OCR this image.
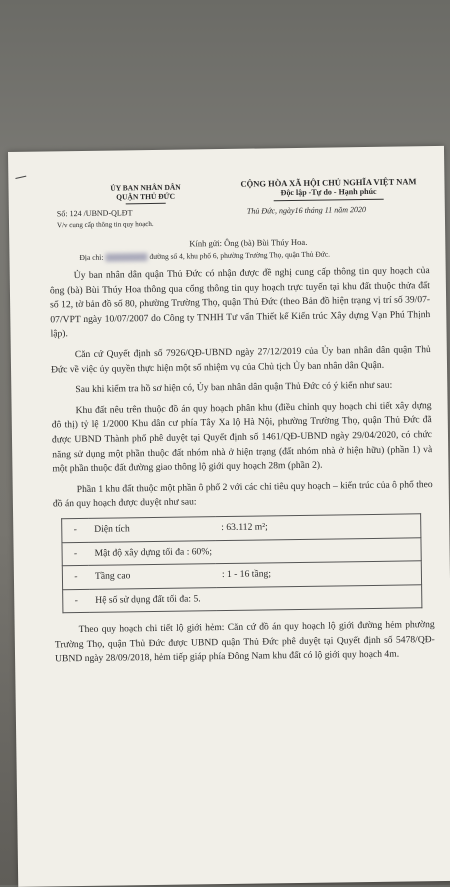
ỦY BAN NHÂN DÂN
QUẬN THỦ ĐỨC
CỘNG HÒA XÃ HỘI CHỦ NGHĨA VIỆT NAM
Độc lập -Tự do - Hạnh phúc
Số: 124 /UBND-QLĐT
V/v cung cấp thông tin quy hoạch.
Thủ Đức, ngày16 tháng 11 năm 2020
Kính gửi: Ông (bà) Bùi Thúy Hoa.
Địa chỉ:	đường số 4, khu phố 6, phường Trường Thọ, quận Thủ Đức.

Ủy ban nhân dân quận Thủ Đức có nhận được đề nghị cung cấp thông tin quy hoạch của ông (bà) Bùi Thúy Hoa thông qua cổng thông tin quy hoạch trực tuyến tại khu đất thuộc thửa đất số 12, tờ bản đồ số 80, phường Trường Thọ, quận Thủ Đức (theo Bản đồ hiện trạng vị trí số 39/07-07/VPT ngày 10/07/2007 do Công ty TNHH Tư vấn Thiết kế Kiến trúc Xây dựng Vạn Phú Thịnh lập).

Căn cứ Quyết định số 7926/QĐ-UBND ngày 27/12/2019 của Ủy ban nhân dân quận Thủ Đức về việc ủy quyền thực hiện một số nhiệm vụ của Chủ tịch Ủy ban nhân dân Quận.

Sau khi kiểm tra hồ sơ hiện có, Ủy ban nhân dân quận Thủ Đức có ý kiến như sau:

Khu đất nêu trên thuộc đồ án quy hoạch phân khu (điều chỉnh quy hoạch chi tiết xây dựng đô thị) tỷ lệ 1/2000 Khu dân cư phía Tây Xa lộ Hà Nội, phường Trường Thọ, quận Thủ Đức đã được UBND Thành phố phê duyệt tại Quyết định số 1461/QĐ-UBND ngày 29/04/2020, có chức năng sử dụng một phần thuộc đất nhóm nhà ở hiện trạng (đất nhóm nhà ở hiện hữu) (phần 1) và một phần thuộc đất đường giao thông lộ giới quy hoạch 28m (phần 2).

Phần 1 khu đất thuộc một phần ô phố 2 với các chỉ tiêu quy hoạch – kiến trúc của ô phố theo đồ án quy hoạch được duyệt như sau:

-	Diện tích	: 63.112 m²;
-	Mật độ xây dựng tối đa : 60%;	
-	Tầng cao	: 1 - 16 tầng;
-	Hệ số sử dụng đất tối đa: 5.	

Theo quy hoạch chi tiết lộ giới hẻm: Căn cứ đồ án quy hoạch lộ giới đường hẻm phường Trường Thọ, quận Thủ Đức được UBND quận Thủ Đức phê duyệt tại Quyết định số 5478/QĐ-UBND ngày 28/09/2018, hẻm tiếp giáp phía Đông Nam khu đất có lộ giới quy hoạch 4m.
